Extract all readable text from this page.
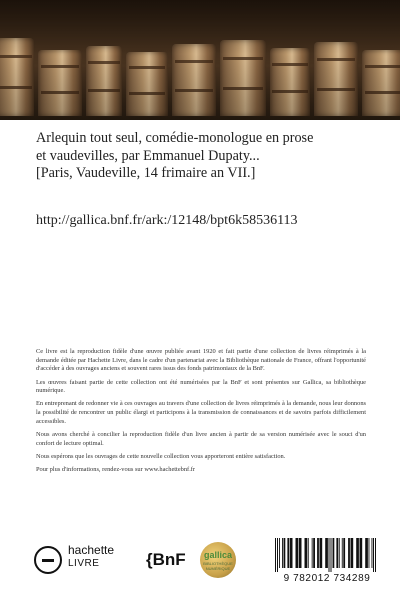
Arlequin tout seul, comédie-monologue en prose
et vaudevilles, par Emmanuel Dupaty...
[Paris, Vaudeville, 14 frimaire an VII.]
http://gallica.bnf.fr/ark:/12148/bpt6k58536113

Ce livre est la reproduction fidèle d'une œuvre publiée avant 1920 et fait partie d'une collection de livres réimprimés à la demande éditée par Hachette Livre, dans le cadre d'un partenariat avec la Bibliothèque nationale de France, offrant l'opportunité d'accéder à des ouvrages anciens et souvent rares issus des fonds patrimoniaux de la BnF.

Les œuvres faisant partie de cette collection ont été numérisées par la BnF et sont présentes sur Gallica, sa bibliothèque numérique.

En entreprenant de redonner vie à ces ouvrages au travers d'une collection de livres réimprimés à la demande, nous leur donnons la possibilité de rencontrer un public élargi et participons à la transmission de connaissances et de savoirs parfois difficilement accessibles.

Nous avons cherché à concilier la reproduction fidèle d'un livre ancien à partir de sa version numérisée avec le souci d'un confort de lecture optimal.

Nous espérons que les ouvrages de cette nouvelle collection vous apporteront entière satisfaction.

Pour plus d'informations, rendez-vous sur www.hachettebnf.fr

hachette
LIVRE	{BnF gallica
BIBLIOTHÈQUE NUMÉRIQUE
9 782012 734289
